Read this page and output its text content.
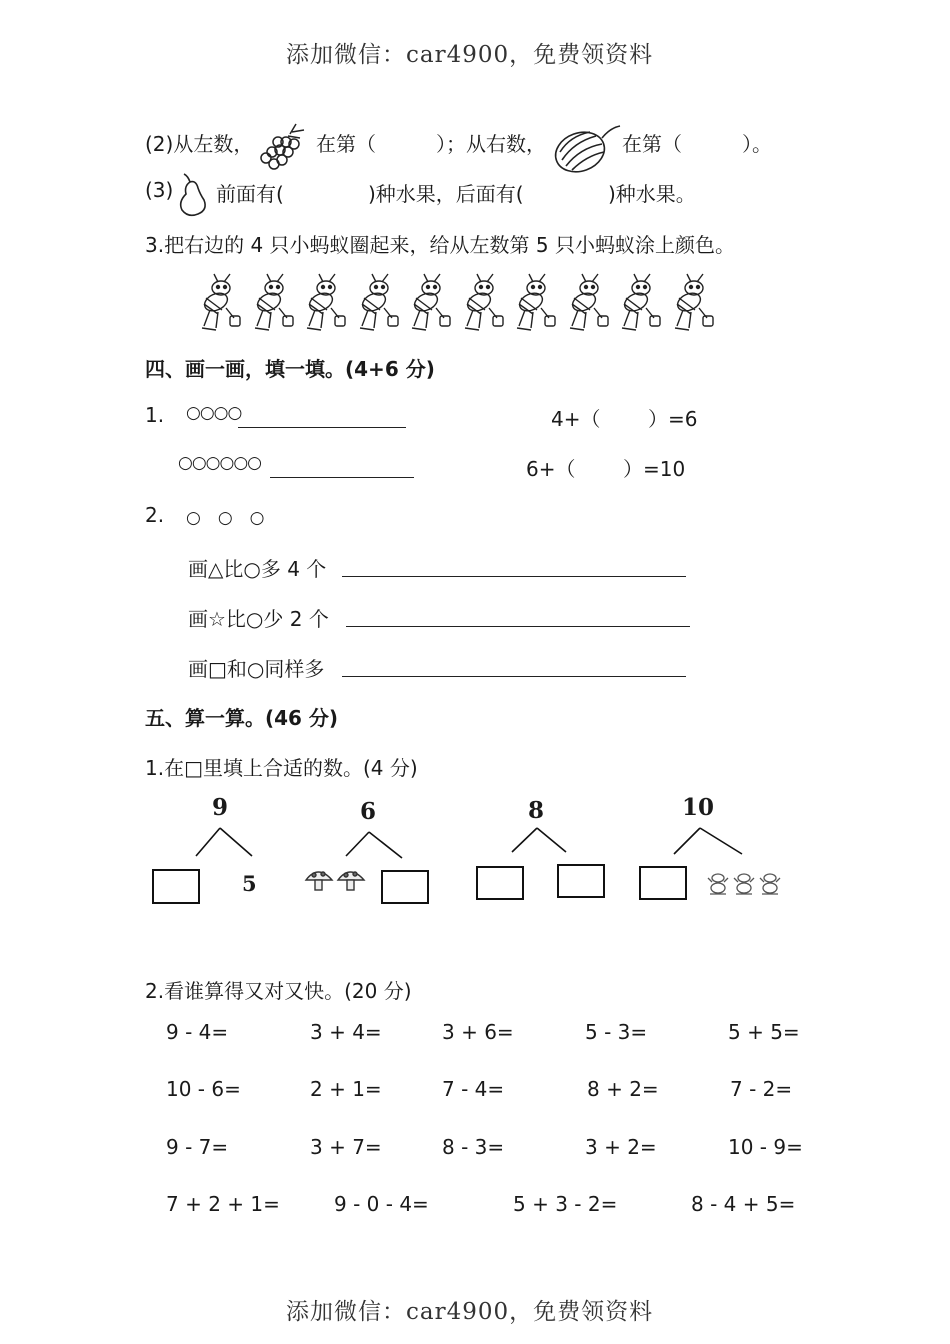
添加微信：car4900，免费领资料
(2)从左数，	在第（	）；从右数，	在第（	）。
(3) 前面有(	)种水果，后面有(	)种水果。
3.把右边的 4 只小蚂蚁圈起来，给从左数第 5 只小蚂蚁涂上颜色。
四、画一画，填一填。(4+6 分)
1. ○○○○	4+（ ）=6
○○○○○○	6+（ ）=10
2. ○　○　○
画△比○多 4 个
画☆比○少 2 个
画□和○同样多
五、算一算。(46 分)
1.在□里填上合适的数。(4 分)
9
5
6	8	10
2.看谁算得又对又快。(20 分)
9 - 4=	3 + 4=	3 + 6=	5 - 3=	5 + 5=
10 - 6=	2 + 1=	7 - 4=	8 + 2=	7 - 2=
9 - 7=	3 + 7=	8 - 3=	3 + 2=	10 - 9=
7 + 2 + 1=	9 - 0 - 4=	5 + 3 - 2=	8 - 4 + 5=
添加微信：car4900，免费领资料
